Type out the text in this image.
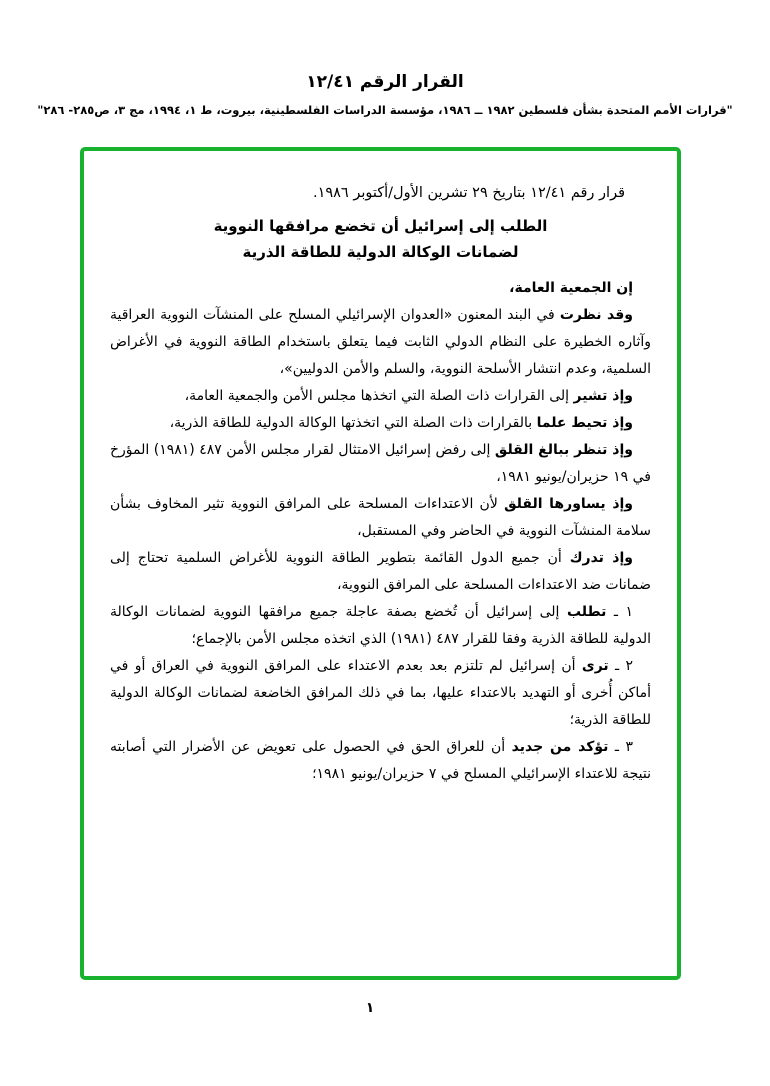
القرار الرقم ١٢/٤١
"قرارات الأمم المتحدة بشأن فلسطين ١٩٨٢ ــ ١٩٨٦، مؤسسة الدراسات الفلسطينية، بيروت، ط ١، ١٩٩٤، مج ٣، ص٢٨٥- ٢٨٦"
قرار رقم ١٢/٤١ بتاريخ ٢٩ تشرين الأول/أكتوبر ١٩٨٦.
الطلب إلى إسرائيل أن تخضع مرافقها النووية
لضمانات الوكالة الدولية للطاقة الذرية

إن الجمعية العامة،

وقد نظرت في البند المعنون «العدوان الإسرائيلي المسلح على المنشآت النووية العراقية وآثاره الخطيرة على النظام الدولي الثابت فيما يتعلق باستخدام الطاقة النووية في الأغراض السلمية، وعدم انتشار الأسلحة النووية، والسلم والأمن الدوليين»،

وإذ تشير إلى القرارات ذات الصلة التي اتخذها مجلس الأمن والجمعية العامة،

وإذ تحيط علما بالقرارات ذات الصلة التي اتخذتها الوكالة الدولية للطاقة الذرية،

وإذ تنظر ببالغ القلق إلى رفض إسرائيل الامتثال لقرار مجلس الأمن ٤٨٧ (١٩٨١) المؤرخ في ١٩ حزيران/يونيو ١٩٨١،

وإذ يساورها القلق لأن الاعتداءات المسلحة على المرافق النووية تثير المخاوف بشأن سلامة المنشآت النووية في الحاضر وفي المستقبل،

وإذ تدرك أن جميع الدول القائمة بتطوير الطاقة النووية للأغراض السلمية تحتاج إلى ضمانات ضد الاعتداءات المسلحة على المرافق النووية،

١ ـ تطلب إلى إسرائيل أن تُخضع بصفة عاجلة جميع مرافقها النووية لضمانات الوكالة الدولية للطاقة الذرية وفقا للقرار ٤٨٧ (١٩٨١) الذي اتخذه مجلس الأمن بالإجماع؛

٢ ـ ترى أن إسرائيل لم تلتزم بعد بعدم الاعتداء على المرافق النووية في العراق أو في أماكن أُخرى أو التهديد بالاعتداء عليها، بما في ذلك المرافق الخاضعة لضمانات الوكالة الدولية للطاقة الذرية؛

٣ ـ تؤكد من جديد أن للعراق الحق في الحصول على تعويض عن الأضرار التي أصابته نتيجة للاعتداء الإسرائيلي المسلح في ٧ حزيران/يونيو ١٩٨١؛

١
